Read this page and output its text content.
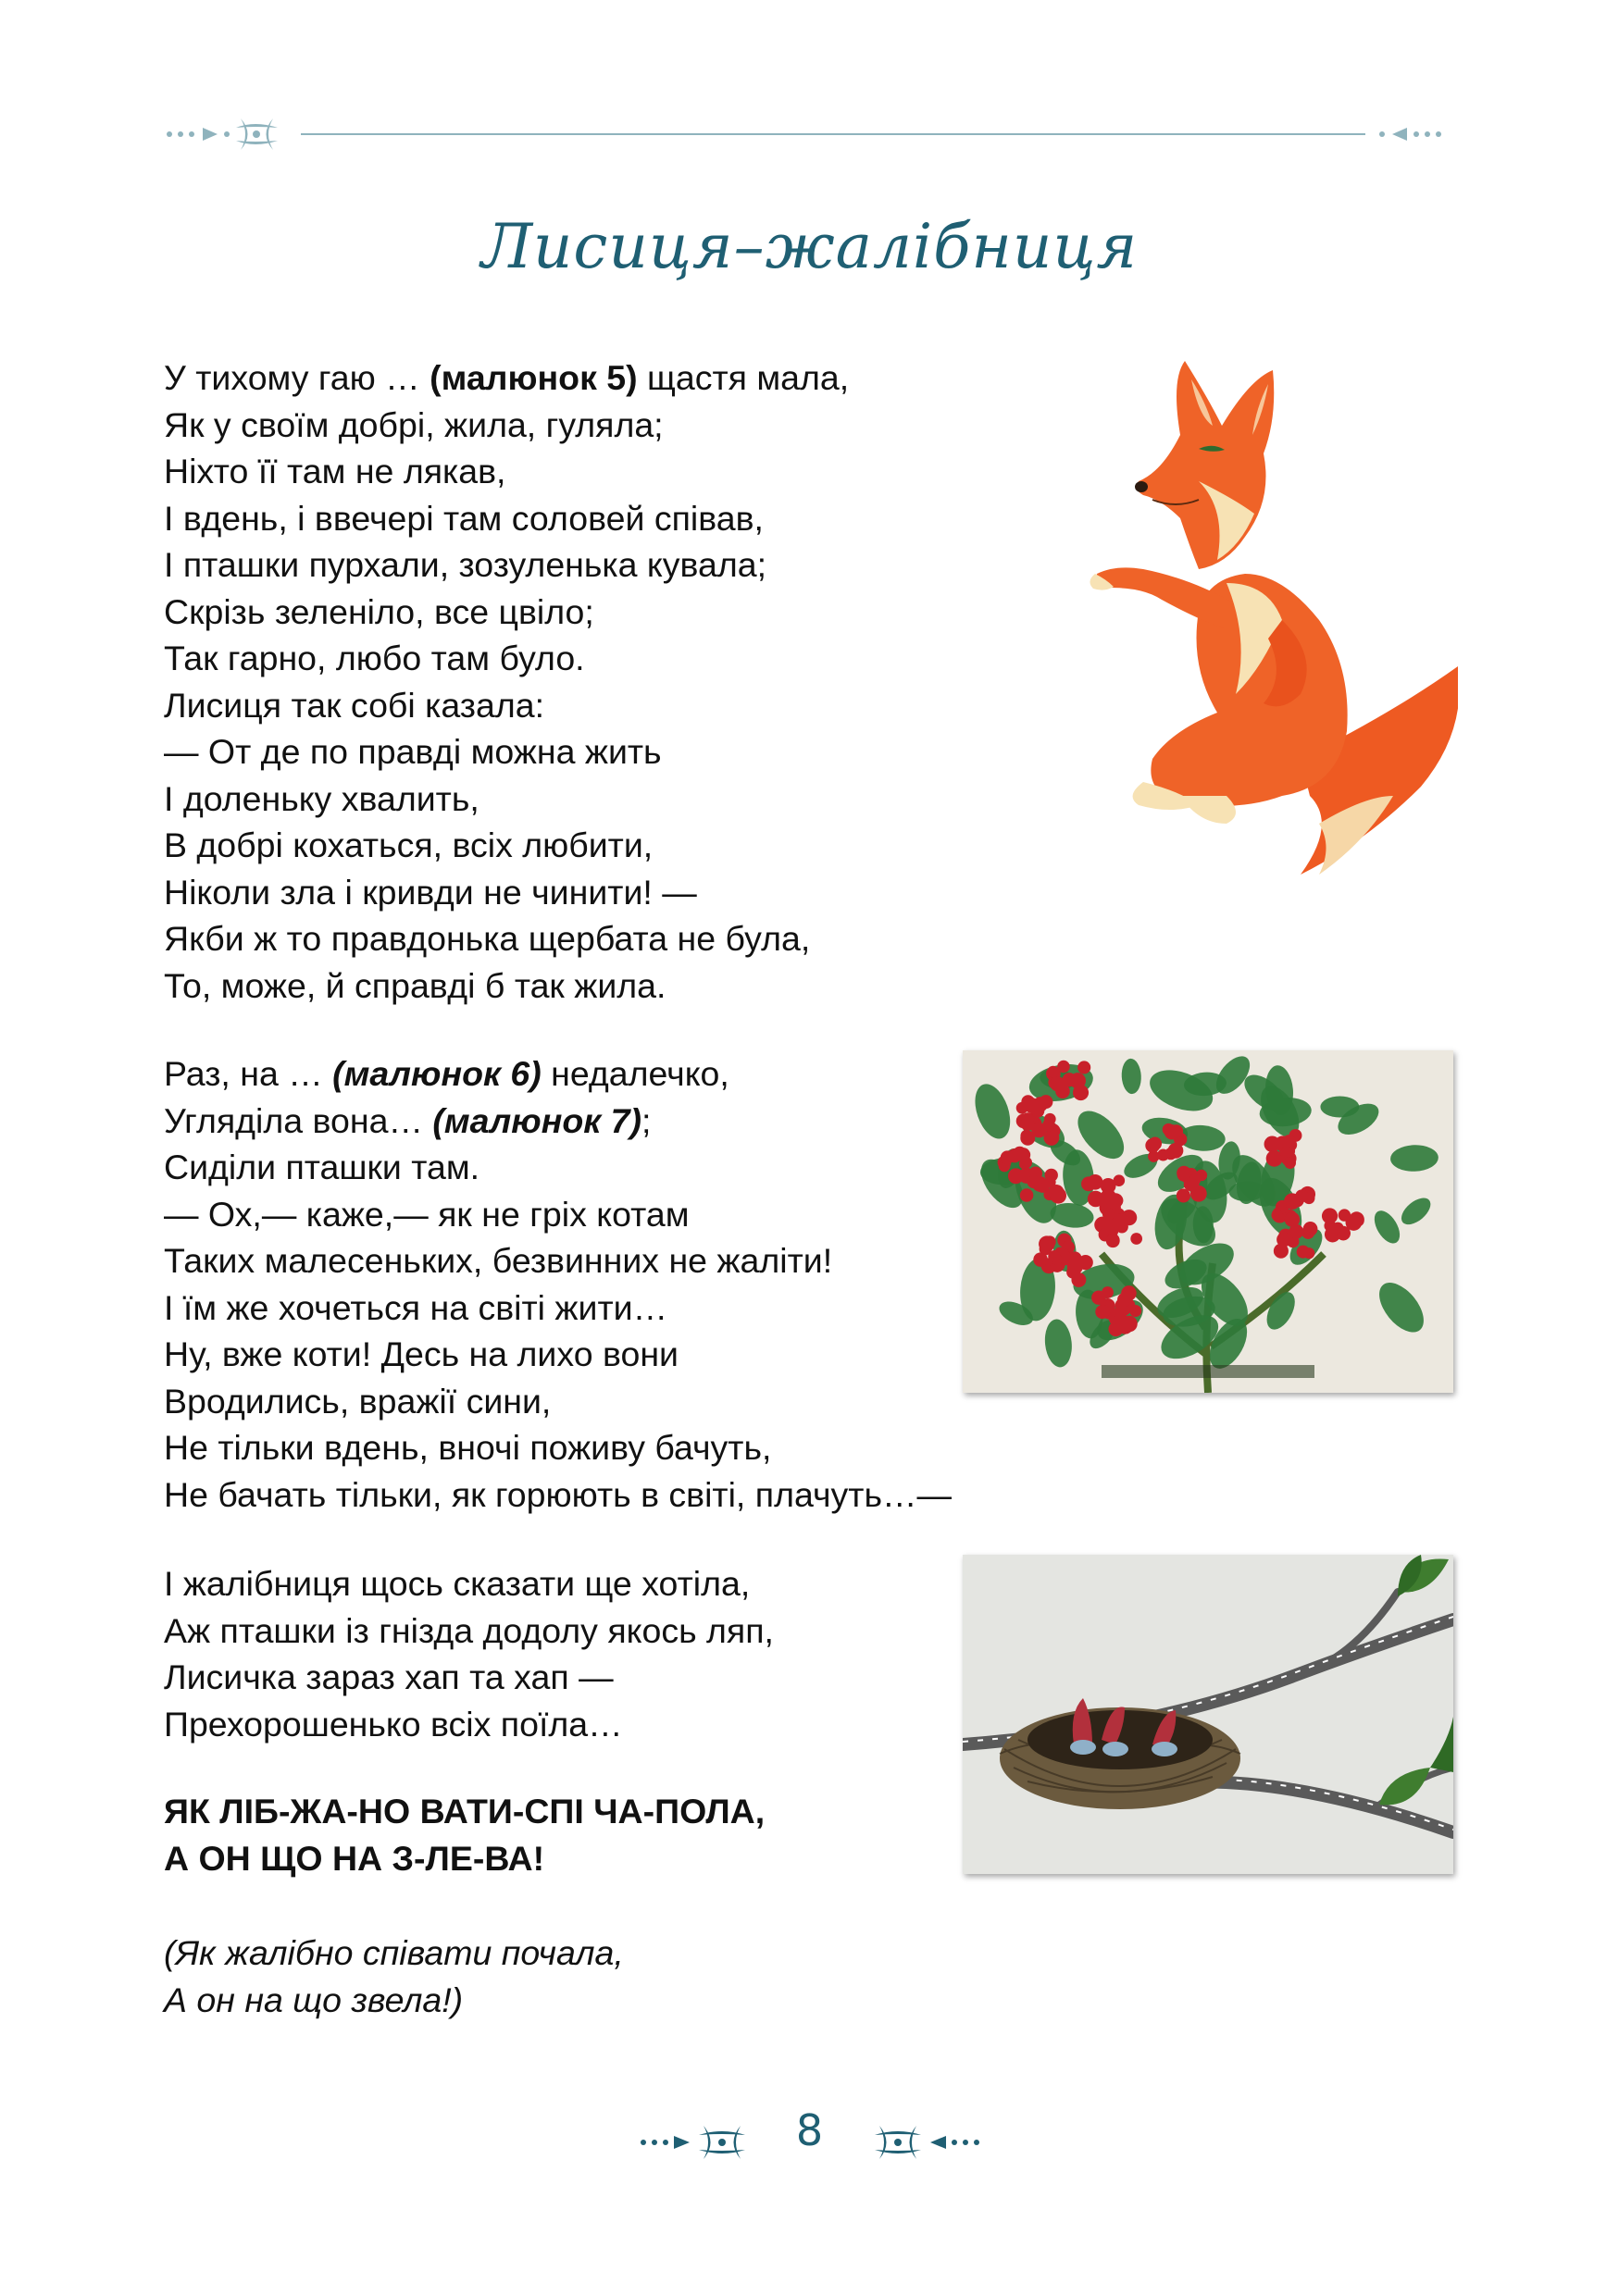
Лисиця–жалібниця
У тихому гаю … (малюнок 5) щастя мала,
Як у своїм добрі, жила, гуляла;
Ніхто її там не лякав,
І вдень, і ввечері там соловей співав,
І пташки пурхали, зозуленька кувала;
Скрізь зеленіло, все цвіло;
Так гарно, любо там було.
Лисиця так собі казала:
— От де по правді можна жить
І доленьку хвалить,
В добрі кохаться, всіх любити,
Ніколи зла і кривди не чинити! —
Якби ж то правдонька щербата не була,
То, може, й справді б так жила.
Раз, на … (малюнок 6) недалечко,
Угляділа вона… (малюнок 7);
Сиділи пташки там.
— Ох,— каже,— як не гріх котам
Таких малесеньких, безвинних не жаліти!
І їм же хочеться на світі жити…
Ну, вже коти! Десь на лихо вони
Вродились, вражії сини,
Не тільки вдень, вночі поживу бачуть,
Не бачать тільки, як горюють в світі, плачуть…—
І жалібниця щось сказати ще хотіла,
Аж пташки із гнізда додолу якось ляп,
Лисичка зараз хап та хап —
Прехорошенько всіх поїла…
ЯК ЛІБ-ЖА-НО ВАТИ-СПІ ЧА-ПОЛА,
А ОН ЩО НА З-ЛЕ-ВА!
(Як жалібно співати почала,
А он на що звела!)
8
